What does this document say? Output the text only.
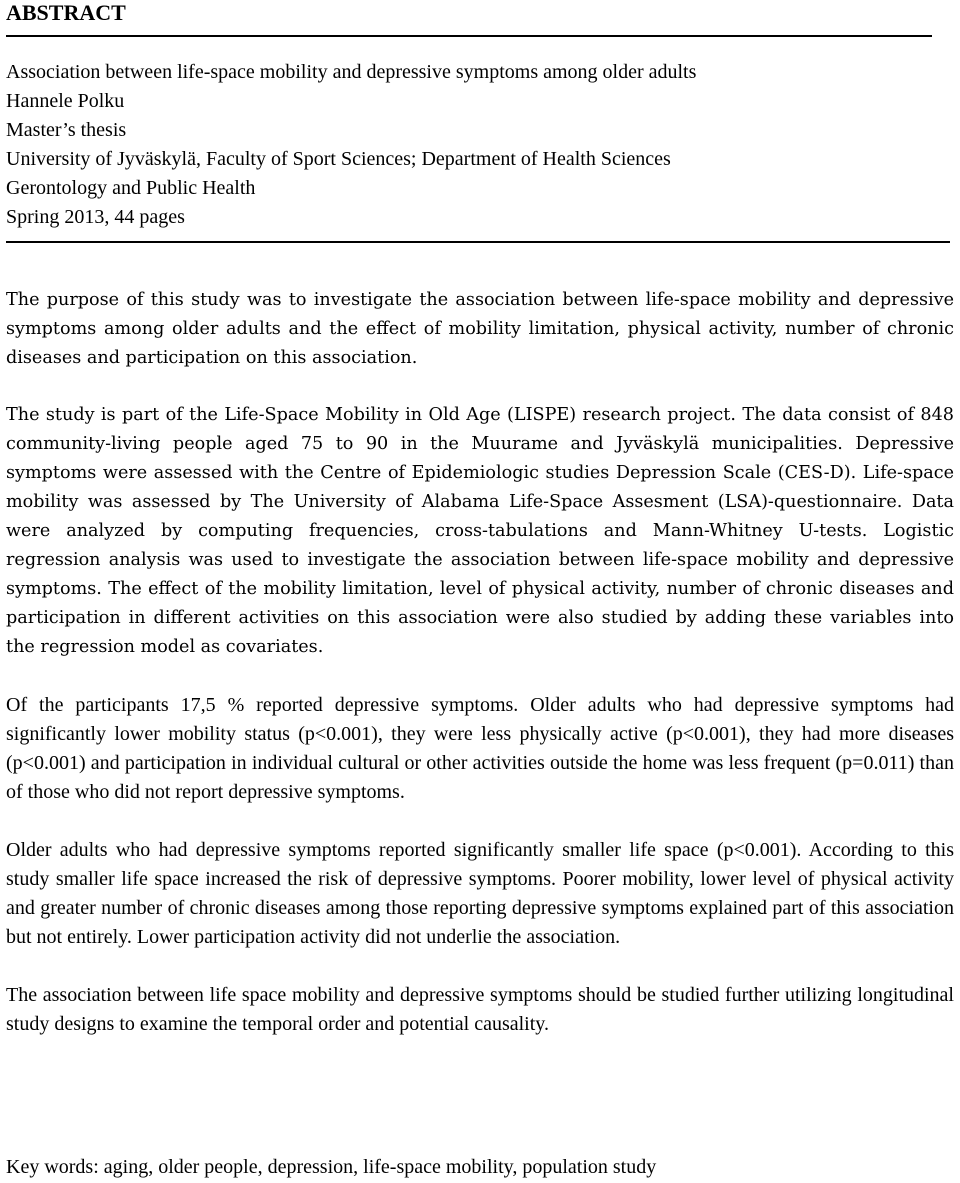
ABSTRACT
Association between life-space mobility and depressive symptoms among older adults
Hannele Polku
Master’s thesis
University of Jyväskylä, Faculty of Sport Sciences; Department of Health Sciences
Gerontology and Public Health
Spring 2013, 44 pages

The purpose of this study was to investigate the association between life-space mobility and depressive symptoms among older adults and the effect of mobility limitation, physical activity, number of chronic diseases and participation on this association.

The study is part of the Life-Space Mobility in Old Age (LISPE) research project. The data consist of 848 community-living people aged 75 to 90 in the Muurame and Jyväskylä municipalities. Depressive symptoms were assessed with the Centre of Epidemiologic studies Depression Scale (CES-D). Life-space mobility was assessed by The University of Alabama Life-Space Assesment (LSA)-questionnaire. Data were analyzed by computing frequencies, cross-tabulations and Mann-Whitney U-tests. Logistic regression analysis was used to investigate the association between life-space mobility and depressive symptoms. The effect of the mobility limitation, level of physical activity, number of chronic diseases and participation in different activities on this association were also studied by adding these variables into the regression model as covariates.

Of the participants 17,5 % reported depressive symptoms. Older adults who had depressive symptoms had significantly lower mobility status (p<0.001), they were less physically active (p<0.001), they had more diseases (p<0.001) and participation in individual cultural or other activities outside the home was less frequent (p=0.011) than of those who did not report depressive symptoms.

Older adults who had depressive symptoms reported significantly smaller life space (p<0.001). According to this study smaller life space increased the risk of depressive symptoms. Poorer mobility, lower level of physical activity and greater number of chronic diseases among those reporting depressive symptoms explained part of this association but not entirely. Lower participation activity did not underlie the association.

The association between life space mobility and depressive symptoms should be studied further utilizing longitudinal study designs to examine the temporal order and potential causality.

Key words: aging, older people, depression, life-space mobility, population study
